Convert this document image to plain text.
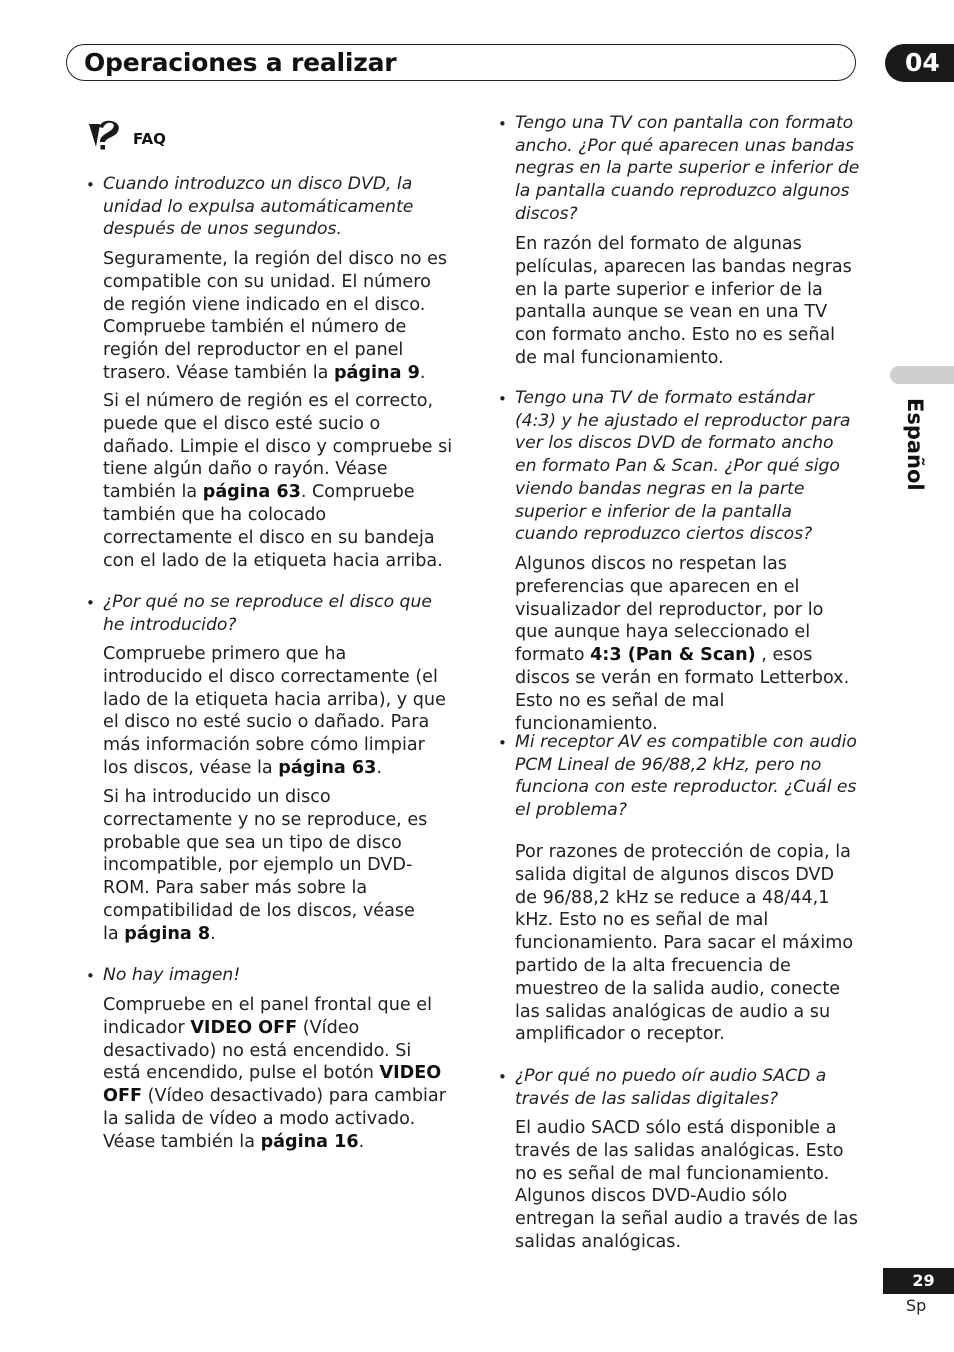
Operaciones a realizar	04
Español
FAQ
• Cuando introduzco un disco DVD, la unidad lo expulsa automáticamente después de unos segundos.
Seguramente, la región del disco no es compatible con su unidad. El número de región viene indicado en el disco. Compruebe también el número de región del reproductor en el panel trasero. Véase también la página 9.
Si el número de región es el correcto, puede que el disco esté sucio o dañado. Limpie el disco y compruebe si tiene algún daño o rayón. Véase también la página 63. Compruebe también que ha colocado correctamente el disco en su bandeja con el lado de la etiqueta hacia arriba.
• ¿Por qué no se reproduce el disco que he introducido?
Compruebe primero que ha introducido el disco correctamente (el lado de la etiqueta hacia arriba), y que el disco no esté sucio o dañado. Para más información sobre cómo limpiar los discos, véase la página 63.
Si ha introducido un disco correctamente y no se reproduce, es probable que sea un tipo de disco incompatible, por ejemplo un DVD-ROM. Para saber más sobre la compatibilidad de los discos, véase la página 8.
• No hay imagen!
Compruebe en el panel frontal que el indicador VIDEO OFF (Vídeo desactivado) no está encendido. Si está encendido, pulse el botón VIDEO OFF (Vídeo desactivado) para cambiar la salida de vídeo a modo activado. Véase también la página 16.
• Tengo una TV con pantalla con formato ancho. ¿Por qué aparecen unas bandas negras en la parte superior e inferior de la pantalla cuando reproduzco algunos discos?
En razón del formato de algunas películas, aparecen las bandas negras en la parte superior e inferior de la pantalla aunque se vean en una TV con formato ancho. Esto no es señal de mal funcionamiento.
• Tengo una TV de formato estándar (4:3) y he ajustado el reproductor para ver los discos DVD de formato ancho en formato Pan & Scan. ¿Por qué sigo viendo bandas negras en la parte superior e inferior de la pantalla cuando reproduzco ciertos discos?
Algunos discos no respetan las preferencias que aparecen en el visualizador del reproductor, por lo que aunque haya seleccionado el formato 4:3 (Pan & Scan) , esos discos se verán en formato Letterbox. Esto no es señal de mal funcionamiento.
• Mi receptor AV es compatible con audio PCM Lineal de 96/88,2 kHz, pero no funciona con este reproductor. ¿Cuál es el problema?
Por razones de protección de copia, la salida digital de algunos discos DVD de 96/88,2 kHz se reduce a 48/44,1 kHz. Esto no es señal de mal funcionamiento. Para sacar el máximo partido de la alta frecuencia de muestreo de la salida audio, conecte las salidas analógicas de audio a su amplificador o receptor.
• ¿Por qué no puedo oír audio SACD a través de las salidas digitales?
El audio SACD sólo está disponible a través de las salidas analógicas. Esto no es señal de mal funcionamiento. Algunos discos DVD-Audio sólo entregan la señal audio a través de las salidas analógicas.
29
Sp
